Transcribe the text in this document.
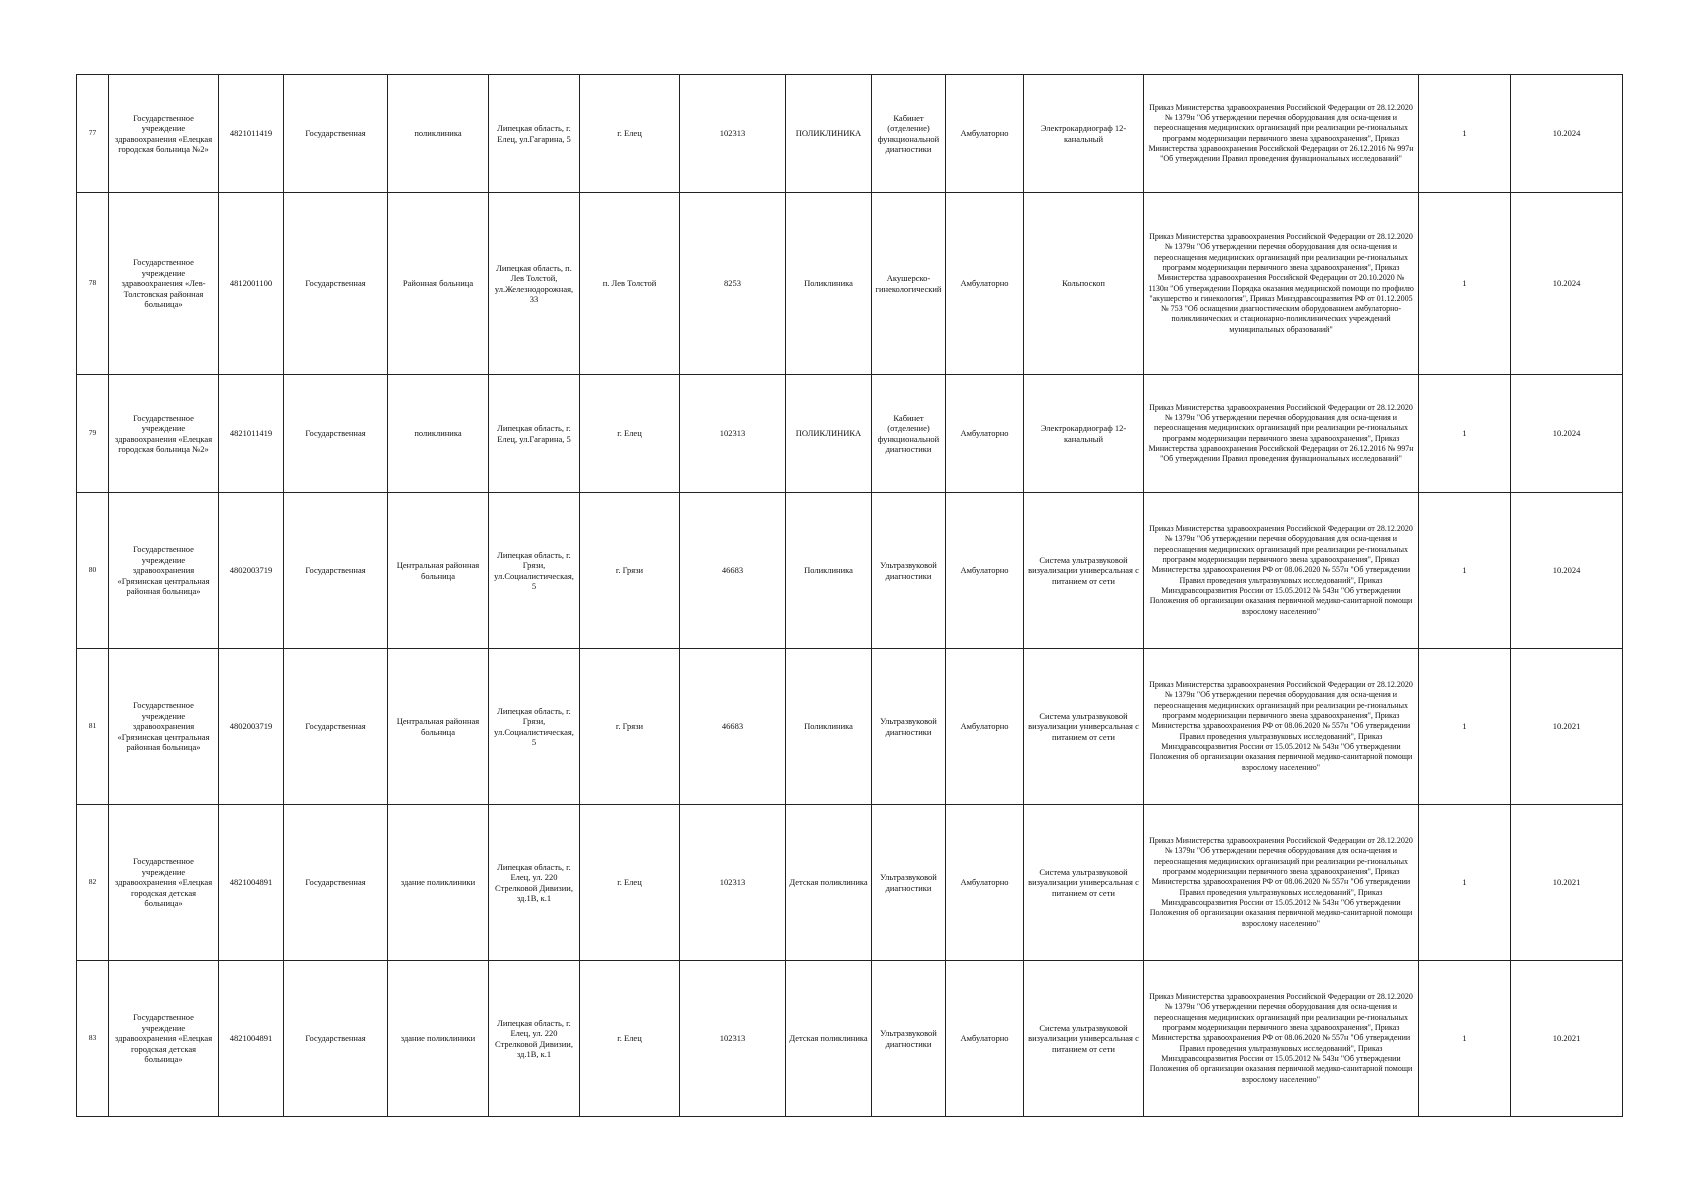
77	Государственное учреждение здравоохранения «Елецкая городская больница №2»	4821011419	Государственная	поликлиника	Липецкая область, г. Елец, ул.Гагарина, 5	г. Елец	102313	ПОЛИКЛИНИКА	Кабинет (отделение) функциональной диагностики	Амбулаторно	Электрокардиограф 12-канальный	Приказ Министерства здравоохранения Российской Федерации от 28.12.2020 № 1379н "Об утверждении перечня оборудования для осна-щения и переоснащения медицинских организаций при реализации ре-гиональных программ модернизации первичного звена здравоохранения", Приказ Министерства здравоохранения Российской Федерации от 26.12.2016 № 997н "Об утверждении Правил проведения функциональных исследований"	1	10.2024
78	Государственное учреждение здравоохранения «Лев-Толстовская районная больница»	4812001100	Государственная	Районная больница	Липецкая область, п. Лев Толстой, ул.Железнодорожная, 33	п. Лев Толстой	8253	Поликлиника	Акушерско-гинекологический	Амбулаторно	Кольпоскоп	Приказ Министерства здравоохранения Российской Федерации от 28.12.2020 № 1379н "Об утверждении перечня оборудования для осна-щения и переоснащения медицинских организаций при реализации ре-гиональных программ модернизации первичного звена здравоохранения", Приказ Министерства здравоохранения Российской Федерации от 20.10.2020 № 1130н "Об утверждении Порядка оказания медицинской помощи по профилю "акушерство и гинекология", Приказ Минздравсоцразвития РФ от 01.12.2005 № 753 "Об оснащении диагностическим оборудованием амбулаторно-поликлинических и стационарно-поликлинических учреждений муниципальных образований"	1	10.2024
79	Государственное учреждение здравоохранения «Елецкая городская больница №2»	4821011419	Государственная	поликлиника	Липецкая область, г. Елец, ул.Гагарина, 5	г. Елец	102313	ПОЛИКЛИНИКА	Кабинет (отделение) функциональной диагностики	Амбулаторно	Электрокардиограф 12-канальный	Приказ Министерства здравоохранения Российской Федерации от 28.12.2020 № 1379н "Об утверждении перечня оборудования для осна-щения и переоснащения медицинских организаций при реализации ре-гиональных программ модернизации первичного звена здравоохранения", Приказ Министерства здравоохранения Российской Федерации от 26.12.2016 № 997н "Об утверждении Правил проведения функциональных исследований"	1	10.2024
80	Государственное учреждение здравоохранения «Грязинская центральная районная больница»	4802003719	Государственная	Центральная районная больница	Липецкая область, г. Грязи, ул.Социалистическая, 5	г. Грязи	46683	Поликлиника	Ультразвуковой диагностики	Амбулаторно	Система ультразвуковой визуализации универсальная с питанием от сети	Приказ Министерства здравоохранения Российской Федерации от 28.12.2020 № 1379н "Об утверждении перечня оборудования для осна-щения и переоснащения медицинских организаций при реализации ре-гиональных программ модернизации первичного звена здравоохранения", Приказ Министерства здравоохранения РФ от 08.06.2020 № 557н "Об утверждении Правил проведения ультразвуковых исследований", Приказ Минздравсоцразвития России от 15.05.2012 № 543н "Об утверждении Положения об организации оказания первичной медико-санитарной помощи взрослому населению"	1	10.2024
81	Государственное учреждение здравоохранения «Грязинская центральная районная больница»	4802003719	Государственная	Центральная районная больница	Липецкая область, г. Грязи, ул.Социалистическая, 5	г. Грязи	46683	Поликлиника	Ультразвуковой диагностики	Амбулаторно	Система ультразвуковой визуализации универсальная с питанием от сети	Приказ Министерства здравоохранения Российской Федерации от 28.12.2020 № 1379н "Об утверждении перечня оборудования для осна-щения и переоснащения медицинских организаций при реализации ре-гиональных программ модернизации первичного звена здравоохранения", Приказ Министерства здравоохранения РФ от 08.06.2020 № 557н "Об утверждении Правил проведения ультразвуковых исследований", Приказ Минздравсоцразвития России от 15.05.2012 № 543н "Об утверждении Положения об организации оказания первичной медико-санитарной помощи взрослому населению"	1	10.2021
82	Государственное учреждение здравоохранения «Елецкая городская детская больница»	4821004891	Государственная	здание поликлиники	Липецкая область, г. Елец, ул. 220 Стрелковой Дивизии, зд.1В, к.1	г. Елец	102313	Детская поликлиника	Ультразвуковой диагностики	Амбулаторно	Система ультразвуковой визуализации универсальная с питанием от сети	Приказ Министерства здравоохранения Российской Федерации от 28.12.2020 № 1379н "Об утверждении перечня оборудования для осна-щения и переоснащения медицинских организаций при реализации ре-гиональных программ модернизации первичного звена здравоохранения", Приказ Министерства здравоохранения РФ от 08.06.2020 № 557н "Об утверждении Правил проведения ультразвуковых исследований", Приказ Минздравсоцразвития России от 15.05.2012 № 543н "Об утверждении Положения об организации оказания первичной медико-санитарной помощи взрослому населению"	1	10.2021
83	Государственное учреждение здравоохранения «Елецкая городская детская больница»	4821004891	Государственная	здание поликлиники	Липецкая область, г. Елец, ул. 220 Стрелковой Дивизии, зд.1В, к.1	г. Елец	102313	Детская поликлиника	Ультразвуковой диагностики	Амбулаторно	Система ультразвуковой визуализации универсальная с питанием от сети	Приказ Министерства здравоохранения Российской Федерации от 28.12.2020 № 1379н "Об утверждении перечня оборудования для осна-щения и переоснащения медицинских организаций при реализации ре-гиональных программ модернизации первичного звена здравоохранения", Приказ Министерства здравоохранения РФ от 08.06.2020 № 557н "Об утверждении Правил проведения ультразвуковых исследований", Приказ Минздравсоцразвития России от 15.05.2012 № 543н "Об утверждении Положения об организации оказания первичной медико-санитарной помощи взрослому населению"	1	10.2021
